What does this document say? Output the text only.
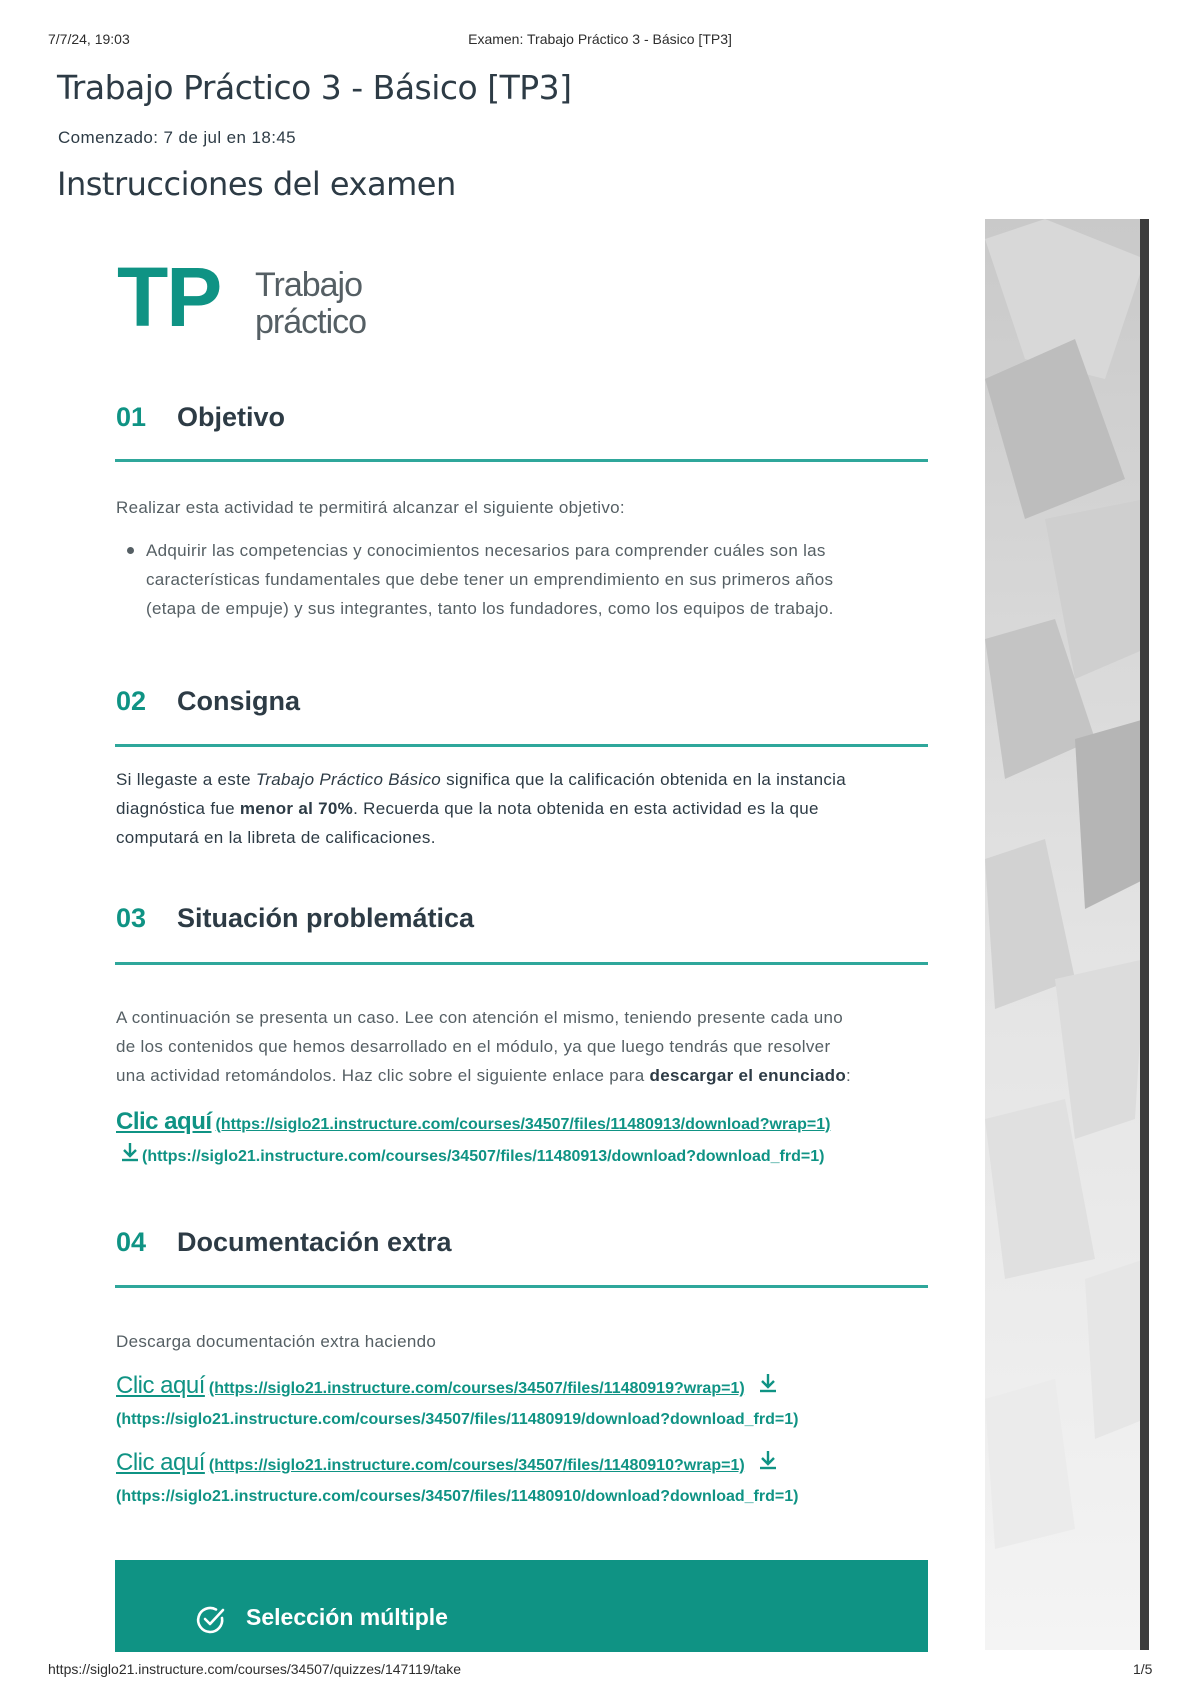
7/7/24, 19:03	Examen: Trabajo Práctico 3 - Básico [TP3]
Trabajo Práctico 3 - Básico [TP3]
Comenzado: 7 de jul en 18:45
Instrucciones del examen
TP Trabajo
práctico
01 Objetivo
Realizar esta actividad te permitirá alcanzar el siguiente objetivo:
Adquirir las competencias y conocimientos necesarios para comprender cuáles son las
características fundamentales que debe tener un emprendimiento en sus primeros años
(etapa de empuje) y sus integrantes, tanto los fundadores, como los equipos de trabajo.
02 Consigna
Si llegaste a este Trabajo Práctico Básico significa que la calificación obtenida en la instancia
diagnóstica fue menor al 70%. Recuerda que la nota obtenida en esta actividad es la que
computará en la libreta de calificaciones.
03 Situación problemática
A continuación se presenta un caso. Lee con atención el mismo, teniendo presente cada uno
de los contenidos que hemos desarrollado en el módulo, ya que luego tendrás que resolver
una actividad retomándolos. Haz clic sobre el siguiente enlace para descargar el enunciado:
Clic aquí (https://siglo21.instructure.com/courses/34507/files/11480913/download?wrap=1)
(https://siglo21.instructure.com/courses/34507/files/11480913/download?download_frd=1)
04 Documentación extra
Descarga documentación extra haciendo
Clic aquí (https://siglo21.instructure.com/courses/34507/files/11480919?wrap=1)
(https://siglo21.instructure.com/courses/34507/files/11480919/download?download_frd=1)
Clic aquí (https://siglo21.instructure.com/courses/34507/files/11480910?wrap=1)
(https://siglo21.instructure.com/courses/34507/files/11480910/download?download_frd=1)
Selección múltiple
https://siglo21.instructure.com/courses/34507/quizzes/147119/take	1/5
